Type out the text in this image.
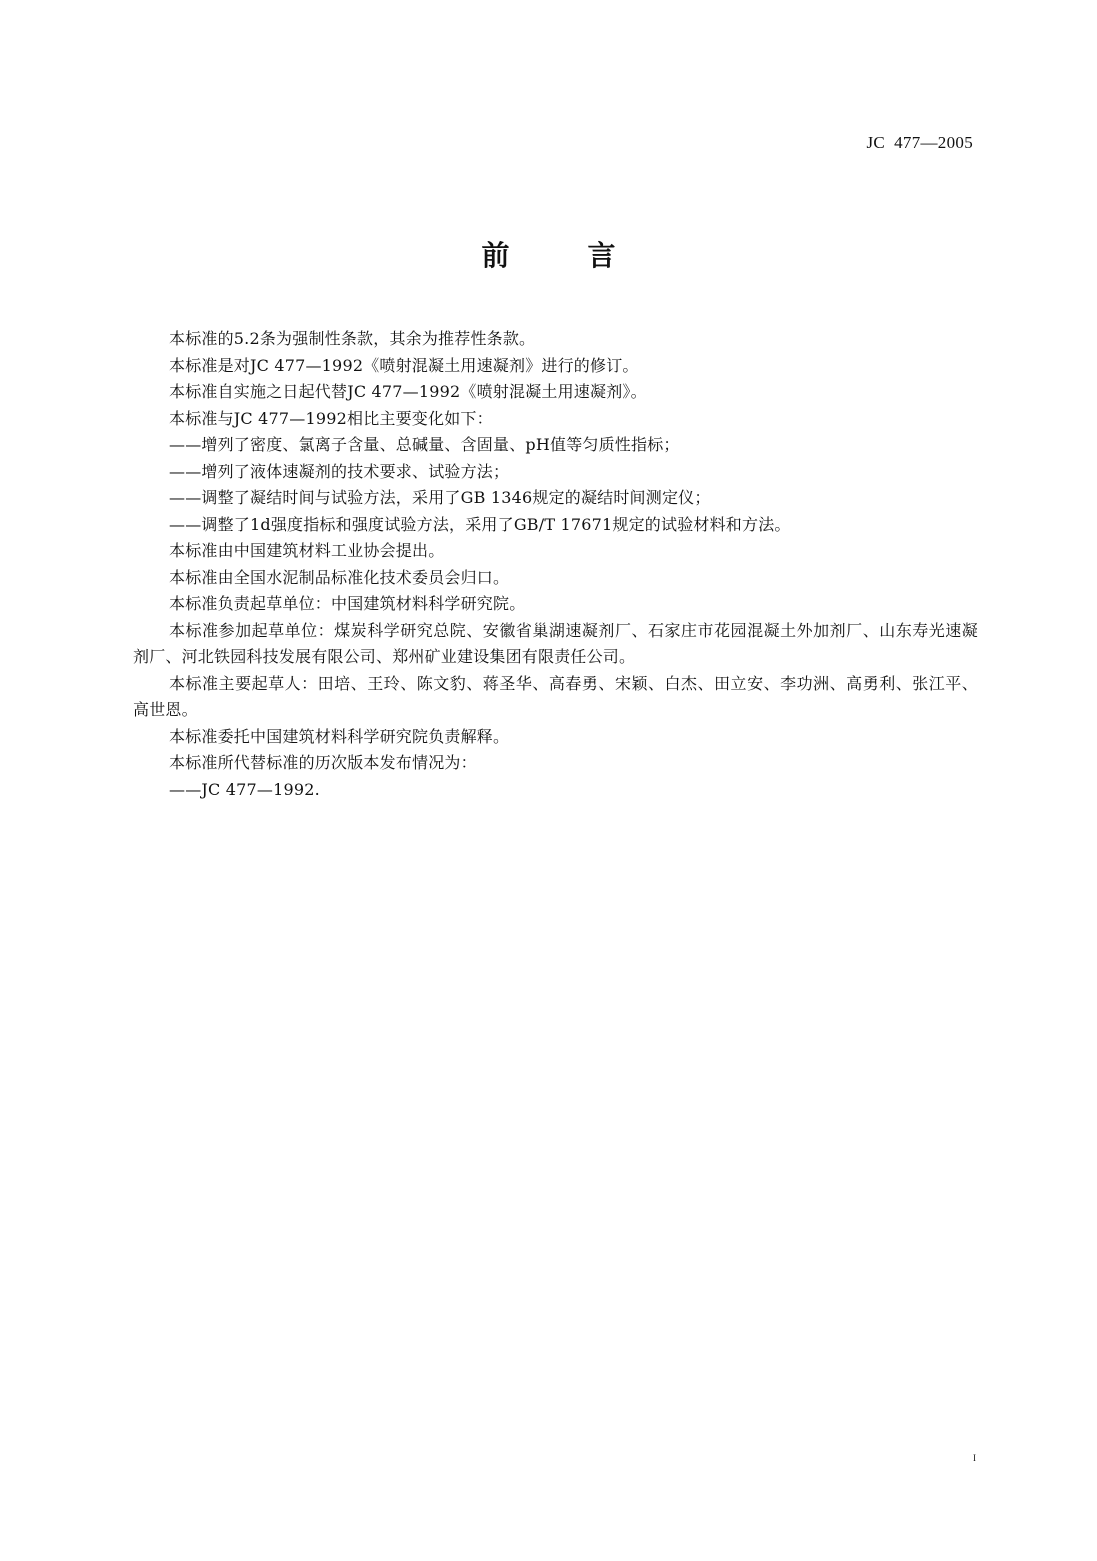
JC  477—2005
前        言

本标准的5.2条为强制性条款，其余为推荐性条款。

本标准是对JC 477—1992《喷射混凝土用速凝剂》进行的修订。

本标准自实施之日起代替JC 477—1992《喷射混凝土用速凝剂》。

本标准与JC 477—1992相比主要变化如下：

——增列了密度、氯离子含量、总碱量、含固量、pH值等匀质性指标；

——增列了液体速凝剂的技术要求、试验方法；

——调整了凝结时间与试验方法，采用了GB 1346规定的凝结时间测定仪；

——调整了1d强度指标和强度试验方法，采用了GB/T 17671规定的试验材料和方法。

本标准由中国建筑材料工业协会提出。

本标准由全国水泥制品标准化技术委员会归口。

本标准负责起草单位：中国建筑材料科学研究院。

本标准参加起草单位：煤炭科学研究总院、安徽省巢湖速凝剂厂、石家庄市花园混凝土外加剂厂、山东寿光速凝剂厂、河北铁园科技发展有限公司、郑州矿业建设集团有限责任公司。

本标准主要起草人：田培、王玲、陈文豹、蒋圣华、高春勇、宋颖、白杰、田立安、李功洲、高勇利、张江平、高世恩。

本标准委托中国建筑材料科学研究院负责解释。

本标准所代替标准的历次版本发布情况为：

——JC 477—1992.

I
